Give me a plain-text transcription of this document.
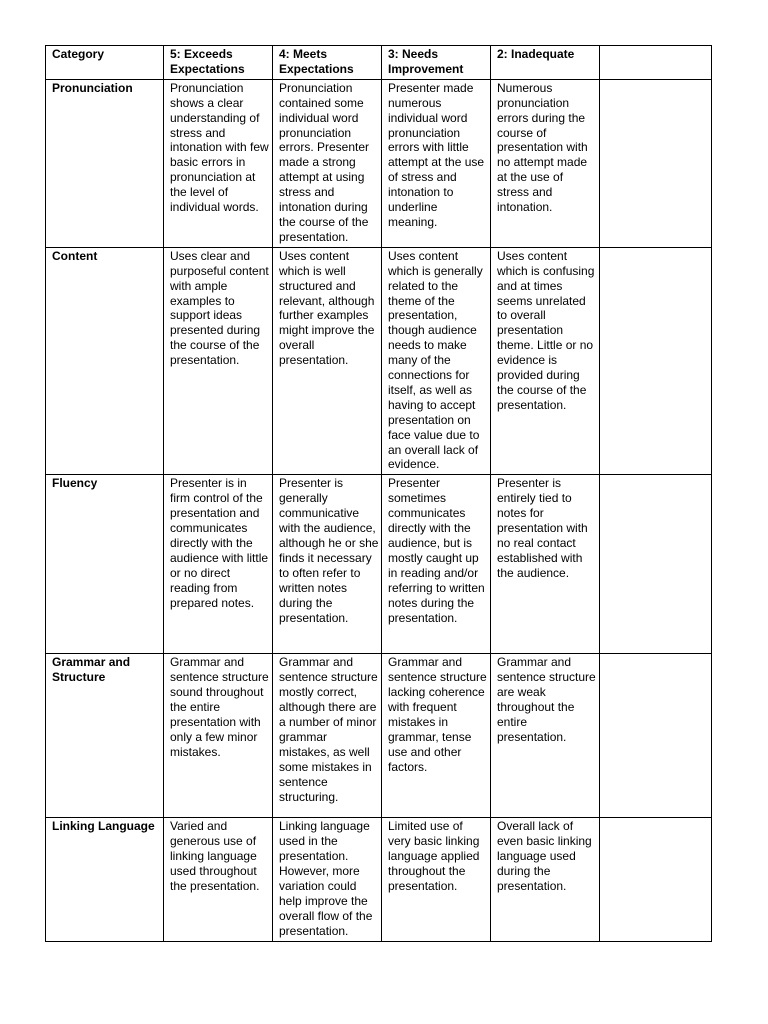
Category	5: Exceeds Expectations	4: Meets Expectations	3: Needs Improvement	2: Inadequate	
Pronunciation	Pronunciation shows a clear understanding of stress and intonation with few basic errors in pronunciation at the level of individual words.	Pronunciation contained some individual word pronunciation errors. Presenter made a strong attempt at using stress and intonation during the course of the presentation.	Presenter made numerous individual word pronunciation errors with little attempt at the use of stress and intonation to underline meaning.	Numerous pronunciation errors during the course of presentation with no attempt made at the use of stress and intonation.	
Content	Uses clear and purposeful content with ample examples to support ideas presented during the course of the presentation.	Uses content which is well structured and relevant, although further examples might improve the overall presentation.	Uses content which is generally related to the theme of the presentation, though audience needs to make many of the connections for itself, as well as having to accept presentation on face value due to an overall lack of evidence.	Uses content which is confusing and at times seems unrelated to overall presentation theme. Little or no evidence is provided during the course of the presentation.	
Fluency	Presenter is in firm control of the presentation and communicates directly with the audience with little or no direct reading from prepared notes.	Presenter is generally communicative with the audience, although he or she finds it necessary to often refer to written notes during the presentation.	Presenter sometimes communicates directly with the audience, but is mostly caught up in reading and/or referring to written notes during the presentation.	Presenter is entirely tied to notes for presentation with no real contact established with the audience.	
Grammar and Structure	Grammar and sentence structure sound throughout the entire presentation with only a few minor mistakes.	Grammar and sentence structure mostly correct, although there are a number of minor grammar mistakes, as well some mistakes in sentence structuring.	Grammar and sentence structure lacking coherence with frequent mistakes in grammar, tense use and other factors.	Grammar and sentence structure are weak throughout the entire presentation.	
Linking Language	Varied and generous use of linking language used throughout the presentation.	Linking language used in the presentation. However, more variation could help improve the overall flow of the presentation.	Limited use of very basic linking language applied throughout the presentation.	Overall lack of even basic linking language used during the presentation.	
